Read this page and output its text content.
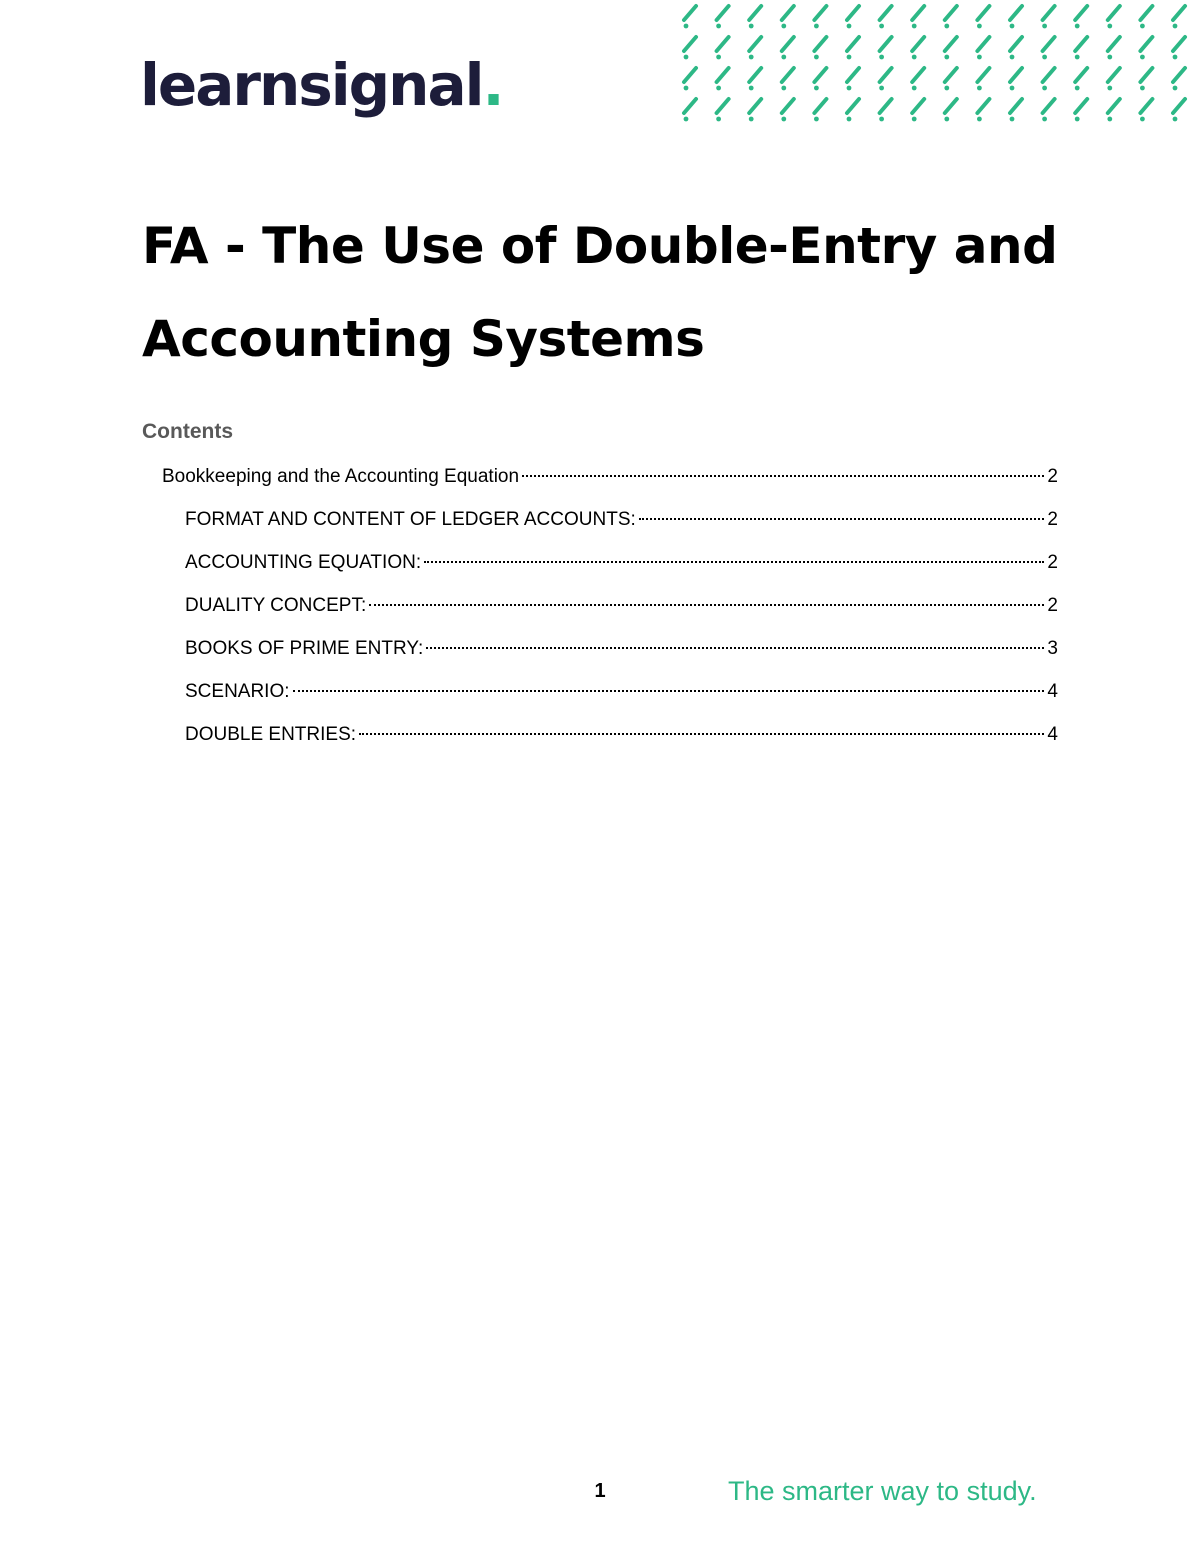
learnsignal.
FA - The Use of Double-Entry and Accounting Systems
Contents
Bookkeeping and the Accounting Equation	2
FORMAT AND CONTENT OF LEDGER ACCOUNTS:	2
ACCOUNTING EQUATION:	2
DUALITY CONCEPT:	2
BOOKS OF PRIME ENTRY:	3
SCENARIO:	4
DOUBLE ENTRIES:	4
1	The smarter way to study.
